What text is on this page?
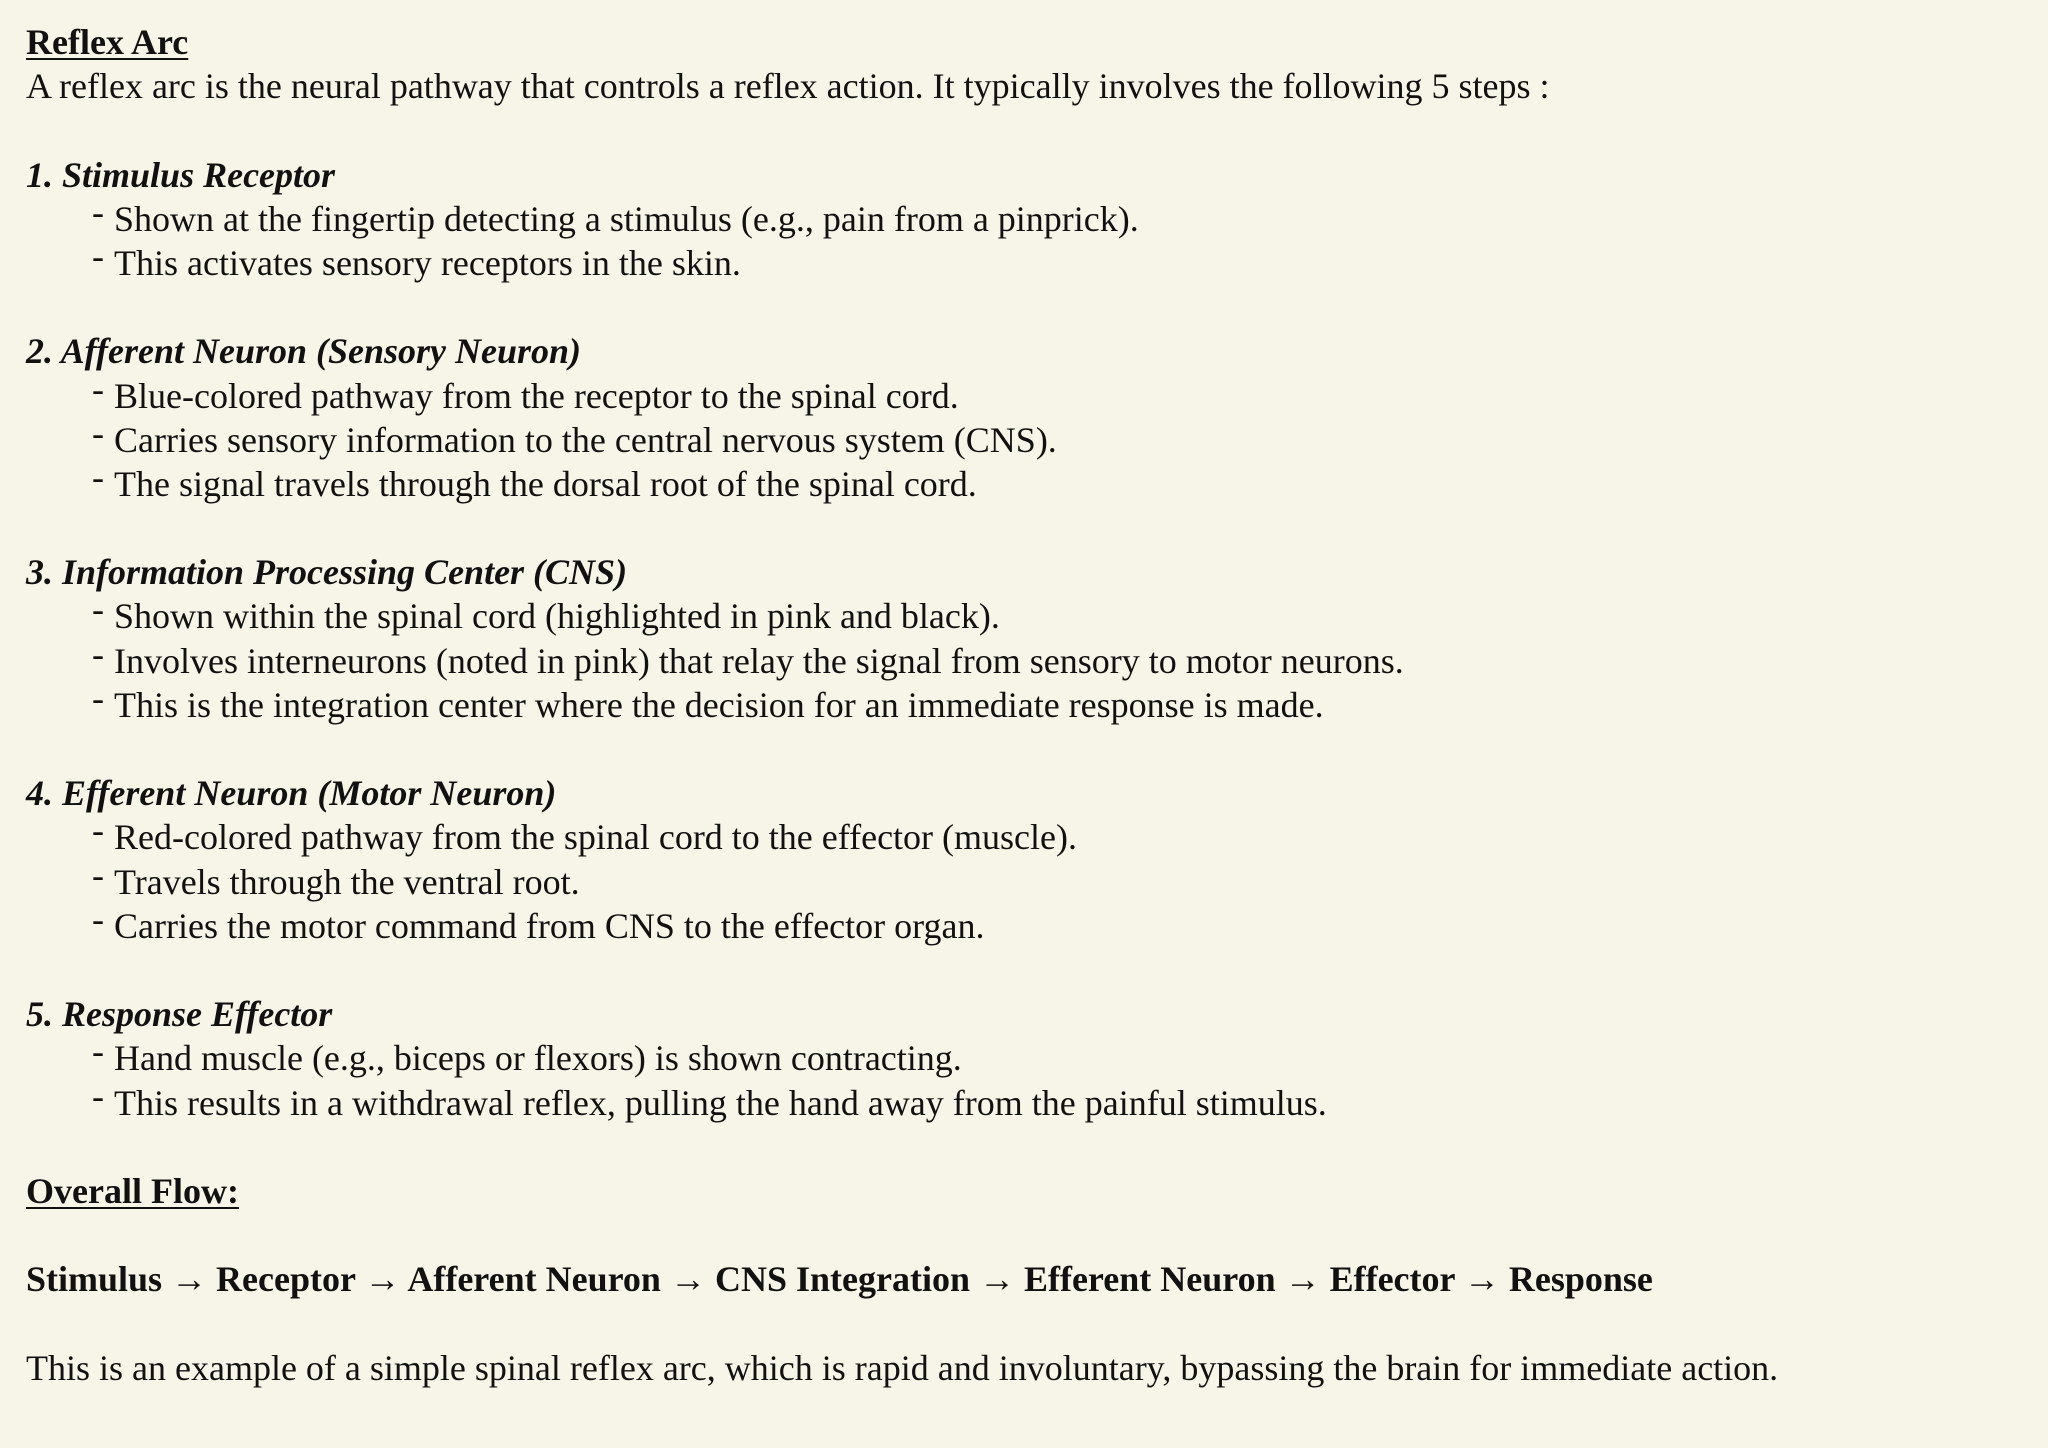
Reflex Arc
A reflex arc is the neural pathway that controls a reflex action. It typically involves the following 5 steps :
1. Stimulus Receptor
- Shown at the fingertip detecting a stimulus (e.g., pain from a pinprick).
- This activates sensory receptors in the skin.
2. Afferent Neuron (Sensory Neuron)
- Blue-colored pathway from the receptor to the spinal cord.
- Carries sensory information to the central nervous system (CNS).
- The signal travels through the dorsal root of the spinal cord.
3. Information Processing Center (CNS)
- Shown within the spinal cord (highlighted in pink and black).
- Involves interneurons (noted in pink) that relay the signal from sensory to motor neurons.
- This is the integration center where the decision for an immediate response is made.
4. Efferent Neuron (Motor Neuron)
- Red-colored pathway from the spinal cord to the effector (muscle).
- Travels through the ventral root.
- Carries the motor command from CNS to the effector organ.
5. Response Effector
- Hand muscle (e.g., biceps or flexors) is shown contracting.
- This results in a withdrawal reflex, pulling the hand away from the painful stimulus.
Overall Flow:
Stimulus → Receptor → Afferent Neuron → CNS Integration → Efferent Neuron → Effector → Response
This is an example of a simple spinal reflex arc, which is rapid and involuntary, bypassing the brain for immediate action.
